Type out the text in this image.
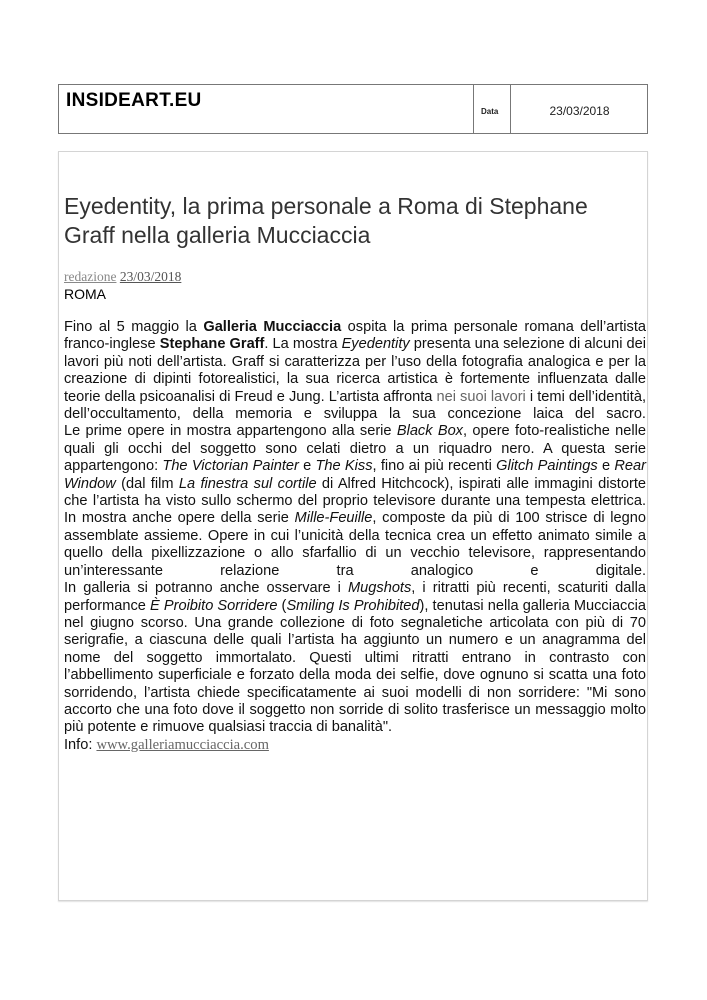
INSIDEART.EU
Data	23/03/2018
Eyedentity, la prima personale a Roma di Stephane Graff nella galleria Mucciaccia
redazione 23/03/2018
ROMA

Fino al 5 maggio la Galleria Mucciaccia ospita la prima personale romana dell’artista franco-inglese Stephane Graff. La mostra Eyedentity presenta una selezione di alcuni dei lavori più noti dell’artista. Graff si caratterizza per l’uso della fotografia analogica e per la creazione di dipinti fotorealistici, la sua ricerca artistica è fortemente influenzata dalle teorie della psicoanalisi di Freud e Jung. L’artista affronta nei suoi lavori i temi dell’identità, dell’occultamento, della memoria e sviluppa la sua concezione laica del sacro.

Le prime opere in mostra appartengono alla serie Black Box, opere foto-realistiche nelle quali gli occhi del soggetto sono celati dietro a un riquadro nero. A questa serie appartengono: The Victorian Painter e The Kiss, fino ai più recenti Glitch Paintings e Rear Window (dal film La finestra sul cortile di Alfred Hitchcock), ispirati alle immagini distorte che l’artista ha visto sullo schermo del proprio televisore durante una tempesta elettrica. In mostra anche opere della serie Mille-Feuille, composte da più di 100 strisce di legno assemblate assieme. Opere in cui l’unicità della tecnica crea un effetto animato simile a quello della pixellizzazione o allo sfarfallio di un vecchio televisore, rappresentando un’interessante relazione tra analogico e digitale.

In galleria si potranno anche osservare i Mugshots, i ritratti più recenti, scaturiti dalla performance È Proibito Sorridere (Smiling Is Prohibited), tenutasi nella galleria Mucciaccia nel giugno scorso. Una grande collezione di foto segnaletiche articolata con più di 70 serigrafie, a ciascuna delle quali l’artista ha aggiunto un numero e un anagramma del nome del soggetto immortalato. Questi ultimi ritratti entrano in contrasto con l’abbellimento superficiale e forzato della moda dei selfie, dove ognuno si scatta una foto sorridendo, l’artista chiede specificatamente ai suoi modelli di non sorridere: "Mi sono accorto che una foto dove il soggetto non sorride di solito trasferisce un messaggio molto più potente e rimuove qualsiasi traccia di banalità".

Info: www.galleriamucciaccia.com
